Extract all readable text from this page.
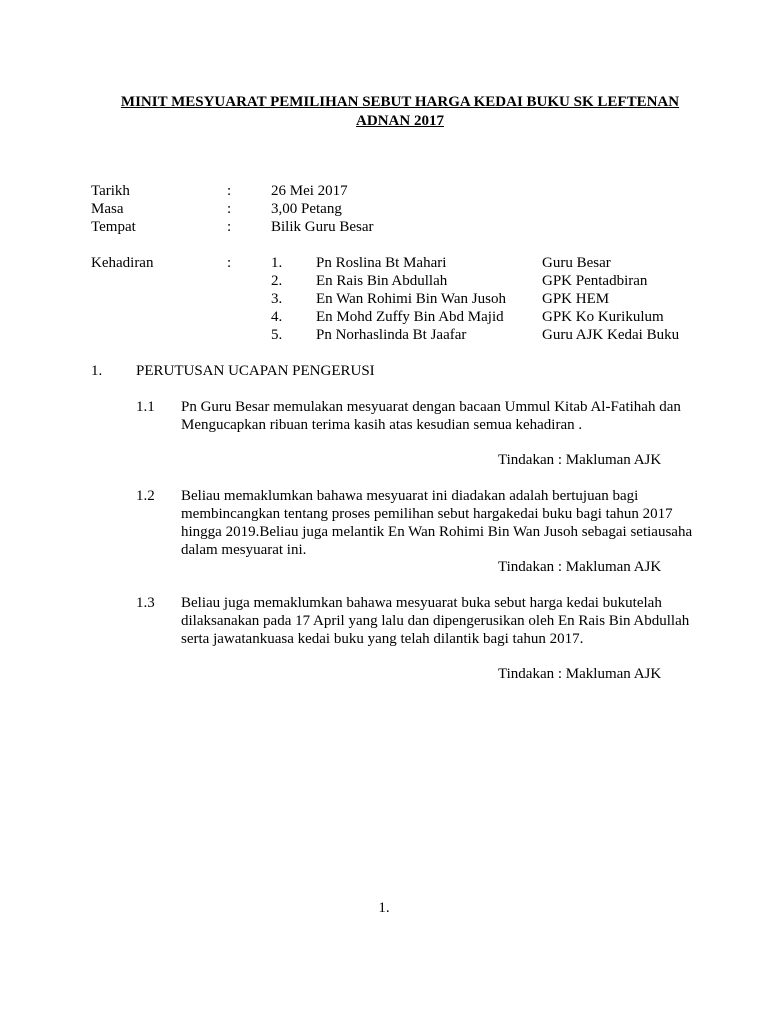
MINIT MESYUARAT PEMILIHAN SEBUT HARGA KEDAI BUKU SK LEFTENAN
ADNAN 2017
Tarikh	:	26 Mei 2017
Masa	:	3,00 Petang
Tempat	:	Bilik Guru Besar
Kehadiran	:	1. Pn Roslina Bt Mahari	Guru Besar
2. En Rais Bin Abdullah	GPK Pentadbiran
3. En Wan Rohimi Bin Wan Jusoh GPK HEM
4. En Mohd Zuffy Bin Abd Majid	GPK Ko Kurikulum
5. Pn Norhaslinda Bt Jaafar	Guru AJK Kedai Buku
1. PERUTUSAN UCAPAN PENGERUSI
1.1 Pn Guru Besar memulakan mesyuarat dengan bacaan Ummul Kitab Al-Fatihah dan
Mengucapkan ribuan terima kasih atas kesudian semua kehadiran .
Tindakan : Makluman AJK
1.2 Beliau memaklumkan bahawa mesyuarat ini diadakan adalah bertujuan bagi
membincangkan tentang proses pemilihan sebut hargakedai buku bagi tahun 2017
hingga 2019.Beliau juga melantik En Wan Rohimi Bin Wan Jusoh sebagai setiausaha
dalam mesyuarat ini.
Tindakan : Makluman AJK
1.3 Beliau juga memaklumkan bahawa mesyuarat buka sebut harga kedai bukutelah
dilaksanakan pada 17 April yang lalu dan dipengerusikan oleh En Rais Bin Abdullah
serta jawatankuasa kedai buku yang telah dilantik bagi tahun 2017.
Tindakan : Makluman AJK
1.
